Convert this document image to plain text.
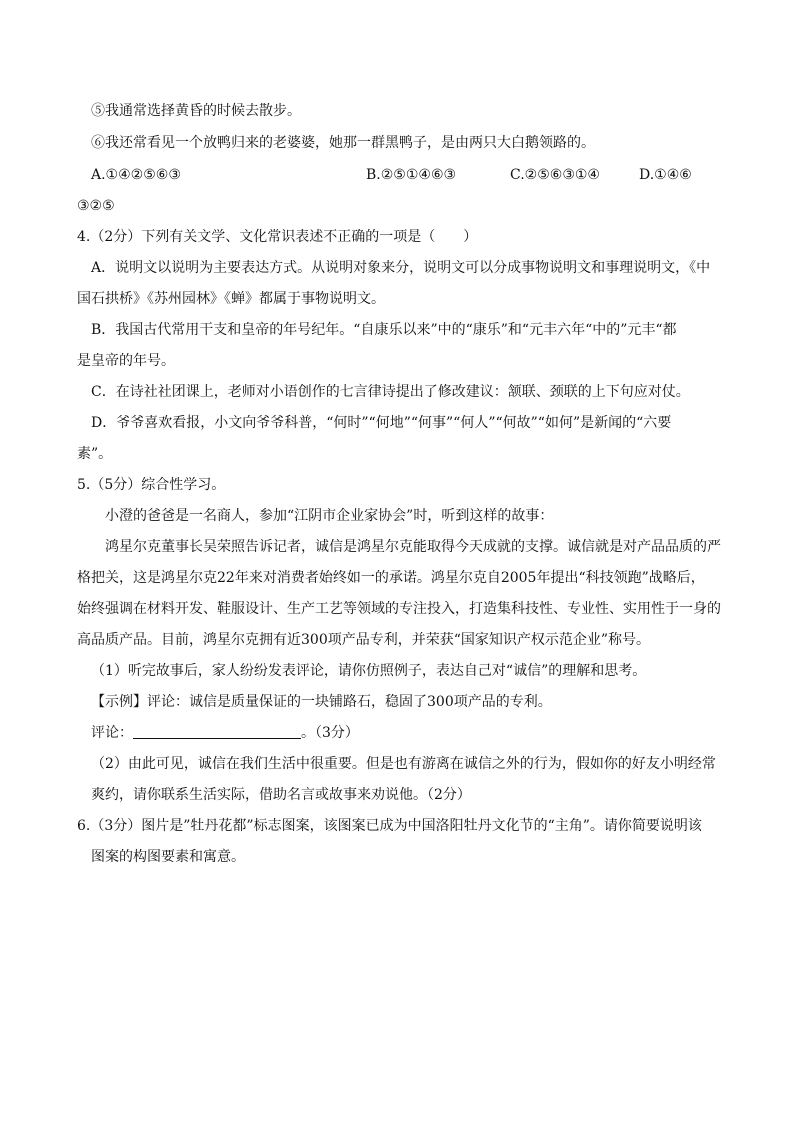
⑤我通常选择黄昏的时候去散步。
⑥我还常看见一个放鸭归来的老婆婆，她那一群黑鸭子，是由两只大白鹅领路的。
A.①④②⑤⑥③	B.②⑤①④⑥③	C.②⑤⑥③①④	D.①④⑥
③②⑤
4.（2分）下列有关文学、文化常识表述不正确的一项是（　　）
A．说明文以说明为主要表达方式。从说明对象来分，说明文可以分成事物说明文和事理说明文，《中
国石拱桥》《苏州园林》《蝉》都属于事物说明文。
B．我国古代常用干支和皇帝的年号纪年。“自康乐以来”中的“康乐”和“元丰六年“中的”元丰“都
是皇帝的年号。
C．在诗社社团课上，老师对小语创作的七言律诗提出了修改建议：颔联、颈联的上下句应对仗。
D．爷爷喜欢看报，小文向爷爷科普，“何时”“何地”“何事”“何人”“何故”“如何”是新闻的“六要
素”。
5.（5分）综合性学习。
小澄的爸爸是一名商人，参加“江阴市企业家协会”时，听到这样的故事：
鸿星尔克董事长吴荣照告诉记者，诚信是鸿星尔克能取得今天成就的支撑。诚信就是对产品品质的严
格把关，这是鸿星尔克22年来对消费者始终如一的承诺。鸿星尔克自2005年提出“科技领跑”战略后，
始终强调在材料开发、鞋服设计、生产工艺等领域的专注投入，打造集科技性、专业性、实用性于一身的
高品质产品。目前，鸿星尔克拥有近300项产品专利，并荣获“国家知识产权示范企业”称号。
（1）听完故事后，家人纷纷发表评论，请你仿照例子，表达自己对“诚信”的理解和思考。
【示例】评论：诚信是质量保证的一块铺路石，稳固了300项产品的专利。
评论：	。（3分）
（2）由此可见，诚信在我们生活中很重要。但是也有游离在诚信之外的行为，假如你的好友小明经常
爽约，请你联系生活实际，借助名言或故事来劝说他。（2分）
6.（3分）图片是”牡丹花都”标志图案，该图案已成为中国洛阳牡丹文化节的“主角”。请你简要说明该
图案的构图要素和寓意。
